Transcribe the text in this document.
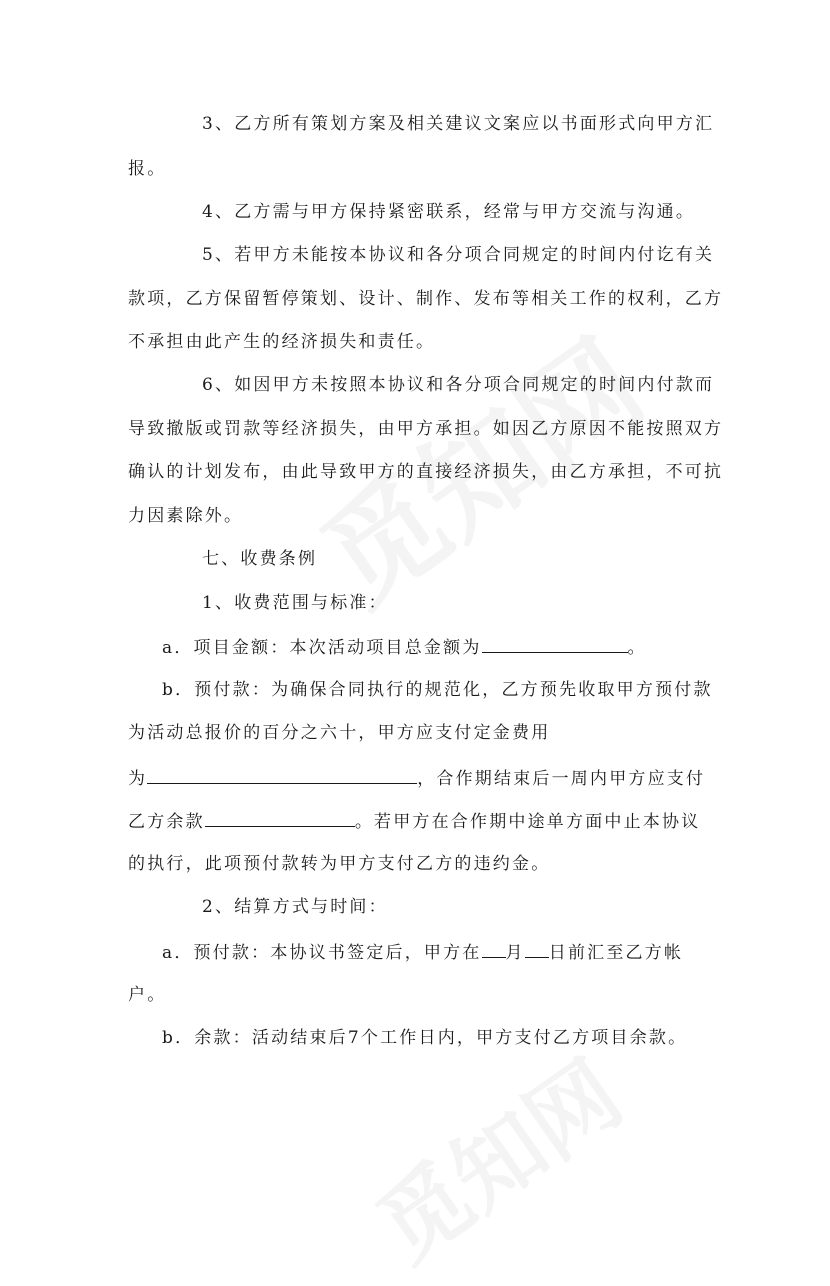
3、乙方所有策划方案及相关建议文案应以书面形式向甲方汇
报。
4、乙方需与甲方保持紧密联系，经常与甲方交流与沟通。
5、若甲方未能按本协议和各分项合同规定的时间内付讫有关
款项，乙方保留暂停策划、设计、制作、发布等相关工作的权利，乙方
不承担由此产生的经济损失和责任。
6、如因甲方未按照本协议和各分项合同规定的时间内付款而
导致撤版或罚款等经济损失，由甲方承担。如因乙方原因不能按照双方
确认的计划发布，由此导致甲方的直接经济损失，由乙方承担，不可抗
力因素除外。
七、收费条例
1、收费范围与标准：
a．项目金额：本次活动项目总金额为	。
b．预付款：为确保合同执行的规范化，乙方预先收取甲方预付款
为活动总报价的百分之六十，甲方应支付定金费用
为	，合作期结束后一周内甲方应支付
乙方余款	。若甲方在合作期中途单方面中止本协议
的执行，此项预付款转为甲方支付乙方的违约金。
2、结算方式与时间：
a．预付款：本协议书签定后，甲方在 月 日前汇至乙方帐
户。
b．余款：活动结束后7个工作日内，甲方支付乙方项目余款。
